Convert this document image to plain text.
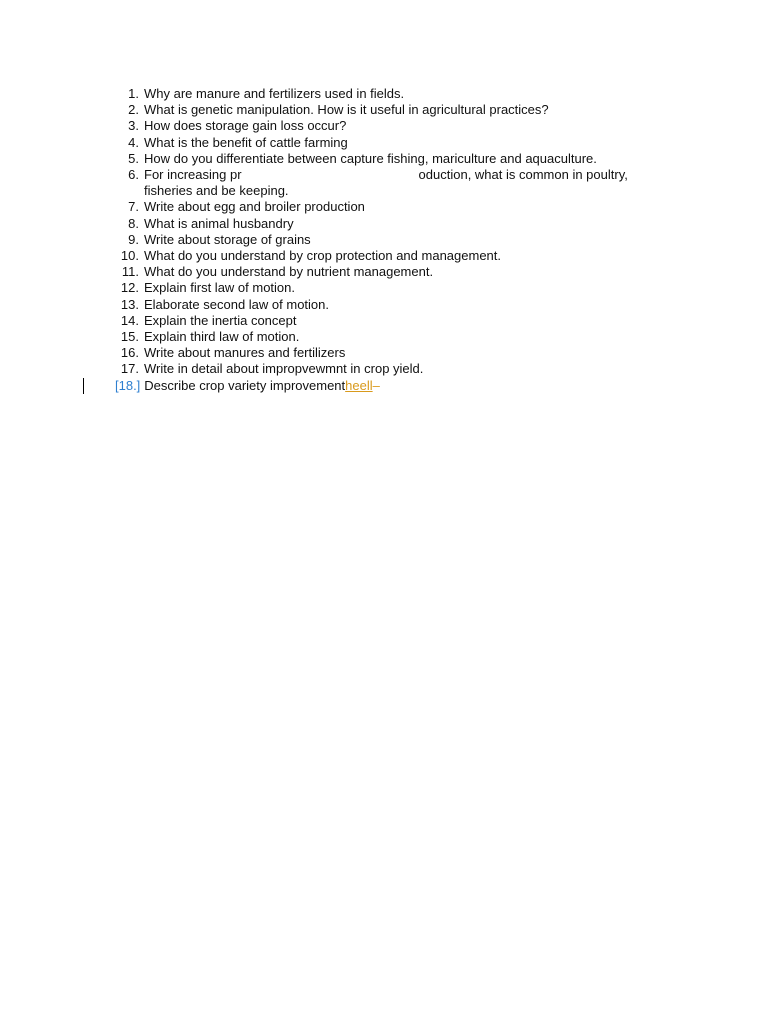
1. Why are manure and fertilizers used in fields.
2. What is genetic manipulation. How is it useful in agricultural practices?
3. How does storage gain loss occur?
4. What is the benefit of cattle farming
5. How do you differentiate between capture fishing, mariculture and aquaculture.
6. For increasing pr	oduction, what is common in poultry,
fisheries and be keeping.
7. Write about egg and broiler production
8. What is animal husbandry
9. Write about storage of grains
10. What do you understand by crop protection and management.
11. What do you understand by nutrient management.
12. Explain first law of motion.
13. Elaborate second law of motion.
14. Explain the inertia concept
15. Explain third law of motion.
16. Write about manures and fertilizers
17. Write in detail about impropvewmnt in crop yield.
[18.] Describe crop variety improvementheell–
